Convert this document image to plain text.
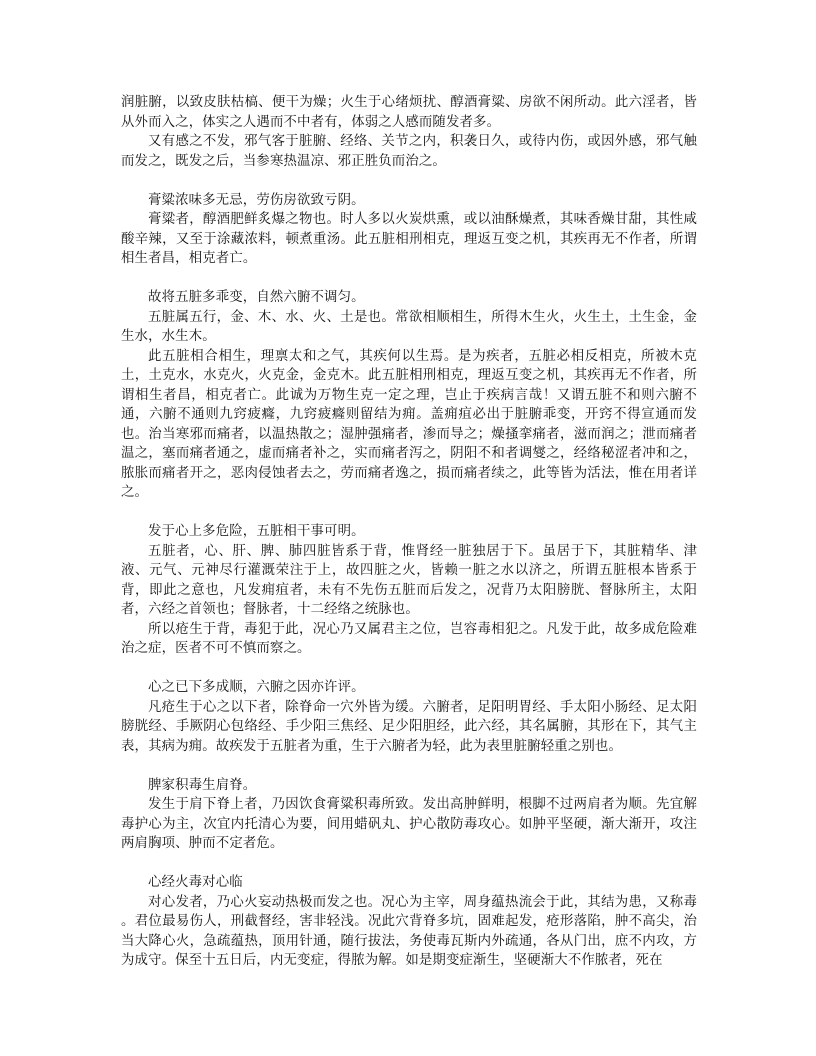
润脏腑，以致皮肤枯槁、便干为燥；火生于心绪烦扰、醇酒膏粱、房欲不闲所动。此六淫者，皆从外而入之，体实之人遇而不中者有，体弱之人感而随发者多。

又有感之不发，邪气客于脏腑、经络、关节之内，积袭日久，或待内伤，或因外感，邪气触而发之，既发之后，当参寒热温凉、邪正胜负而治之。

膏粱浓味多无忌，劳伤房欲致亏阴。

膏粱者，醇酒肥鲜炙爆之物也。时人多以火炭烘熏，或以油酥燥煮，其味香燥甘甜，其性咸酸辛辣，又至于涂藏浓料，顿煮重汤。此五脏相刑相克，理返互变之机，其疾再无不作者，所谓相生者昌，相克者亡。

故将五脏多乖变，自然六腑不调匀。

五脏属五行，金、木、水、火、土是也。常欲相顺相生，所得木生火，火生土，土生金，金生水，水生木。

此五脏相合相生，理禀太和之气，其疾何以生焉。是为疾者，五脏必相反相克，所被木克土，土克水，水克火，火克金，金克木。此五脏相刑相克，理返互变之机，其疾再无不作者，所谓相生者昌，相克者亡。此诚为万物生克一定之理，岂止于疾病言哉！又谓五脏不和则六腑不通，六腑不通则九窍疲癃，九窍疲癃则留结为痈。盖痈疽必出于脏腑乖变，开窍不得宣通而发也。治当寒邪而痛者，以温热散之；湿肿强痛者，渗而导之；燥搔挛痛者，滋而润之；泄而痛者温之，塞而痛者通之，虚而痛者补之，实而痛者泻之，阴阳不和者调燮之，经络秘涩者冲和之，脓胀而痛者开之，恶肉侵蚀者去之，劳而痛者逸之，损而痛者续之，此等皆为活法，惟在用者详之。

发于心上多危险，五脏相干事可明。

五脏者，心、肝、脾、肺四脏皆系于背，惟肾经一脏独居于下。虽居于下，其脏精华、津液、元气、元神尽行灌溉荣注于上，故四脏之火，皆赖一脏之水以济之，所谓五脏根本皆系于背，即此之意也，凡发痈疽者，未有不先伤五脏而后发之，况背乃太阳膀胱、督脉所主，太阳者，六经之首领也；督脉者，十二经络之统脉也。

所以疮生于背，毒犯于此，况心乃又属君主之位，岂容毒相犯之。凡发于此，故多成危险难治之症，医者不可不慎而察之。

心之已下多成顺，六腑之因亦许评。

凡疮生于心之以下者，除脊命一穴外皆为缓。六腑者，足阳明胃经、手太阳小肠经、足太阳膀胱经、手厥阴心包络经、手少阳三焦经、足少阳胆经，此六经，其名属腑，其形在下，其气主表，其病为痈。故疾发于五脏者为重，生于六腑者为轻，此为表里脏腑轻重之别也。

脾家积毒生肩脊。

发生于肩下脊上者，乃因饮食膏粱积毒所致。发出高肿鲜明，根脚不过两肩者为顺。先宜解毒护心为主，次宜内托清心为要，间用蜡矾丸、护心散防毒攻心。如肿平坚硬，渐大渐开，攻注两肩胸项、肿而不定者危。

心经火毒对心临

对心发者，乃心火妄动热极而发之也。况心为主宰，周身蕴热流会于此，其结为患，又称毒 。君位最易伤人，刑截督经，害非轻浅。况此穴背脊多坑，固难起发，疮形落陷，肿不高尖，治当大降心火，急疏蕴热，顶用针通，随行拔法，务使毒瓦斯内外疏通，各从门出，庶不内攻，方为成守。保至十五日后，内无变症，得脓为解。如是期变症渐生，坚硬渐大不作脓者，死在
